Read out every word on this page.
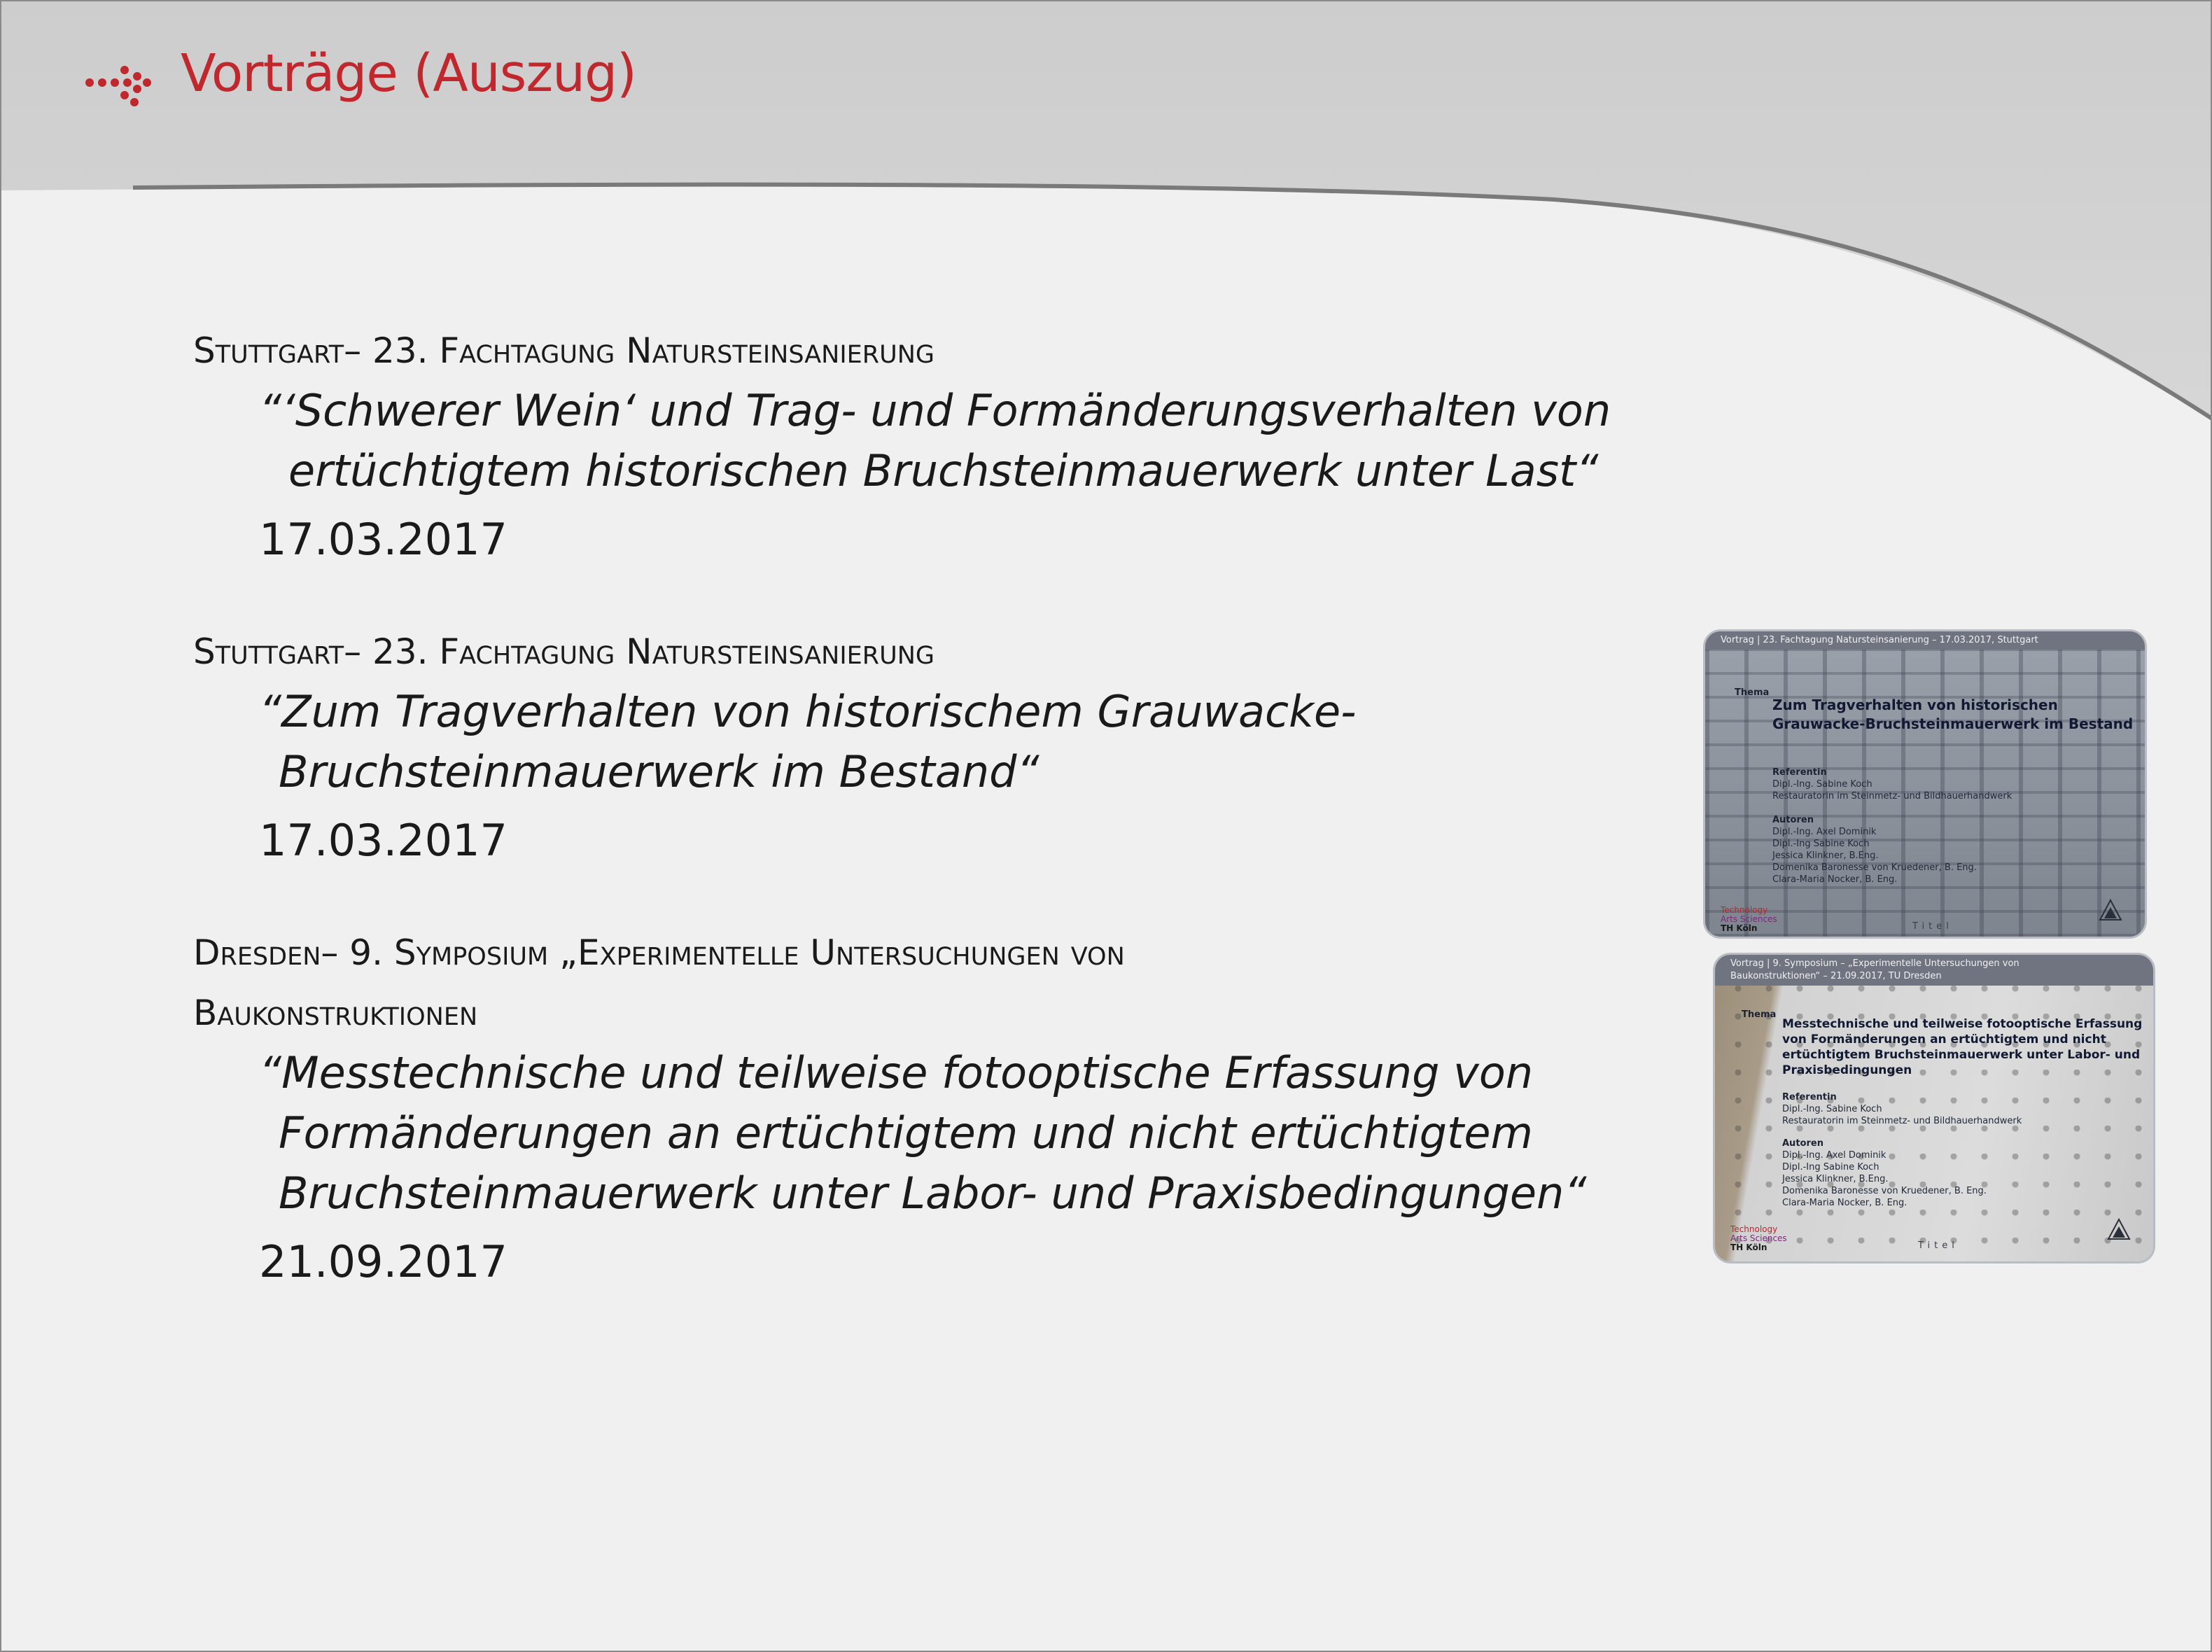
Vorträge (Auszug)
Stuttgart– 23. Fachtagung Natursteinsanierung
“‘Schwerer Wein‘ und Trag- und Formänderungsverhalten von
ertüchtigtem historischen Bruchsteinmauerwerk unter Last“
17.03.2017
Stuttgart– 23. Fachtagung Natursteinsanierung
“Zum Tragverhalten von historischem Grauwacke-
Bruchsteinmauerwerk im Bestand“
17.03.2017
Dresden– 9. Symposium „Experimentelle Untersuchungen von
Baukonstruktionen
“Messtechnische und teilweise fotooptische Erfassung von
Formänderungen an ertüchtigtem und nicht ertüchtigtem
Bruchsteinmauerwerk unter Labor- und Praxisbedingungen“
21.09.2017
Vortrag | 23. Fachtagung Natursteinsanierung – 17.03.2017, Stuttgart
Thema
Zum Tragverhalten von historischen
Grauwacke-Bruchsteinmauerwerk im Bestand
Referentin
Dipl.-Ing. Sabine Koch
Restauratorin im Steinmetz- und Bildhauerhandwerk
Autoren
Dipl.-Ing. Axel Dominik
Dipl.-Ing Sabine Koch
Jessica Klinkner, B.Eng.
Domenika Baronesse von Kruedener, B. Eng.
Clara-Maria Nocker, B. Eng.
Technology
Arts Sciences
TH Köln	Titel
Vortrag | 9. Symposium – „Experimentelle Untersuchungen von Baukonstruktionen“ – 21.09.2017, TU Dresden
Thema
Messtechnische und teilweise fotooptische Erfassung
von Formänderungen an ertüchtigtem und nicht
ertüchtigtem Bruchsteinmauerwerk unter Labor- und
Praxisbedingungen
Referentin
Dipl.-Ing. Sabine Koch
Restauratorin im Steinmetz- und Bildhauerhandwerk
Autoren
Dipl.-Ing. Axel Dominik
Dipl.-Ing Sabine Koch
Jessica Klinkner, B.Eng.
Domenika Baronesse von Kruedener, B. Eng.
Clara-Maria Nocker, B. Eng.
Technology
Arts Sciences
TH Köln	Titel
